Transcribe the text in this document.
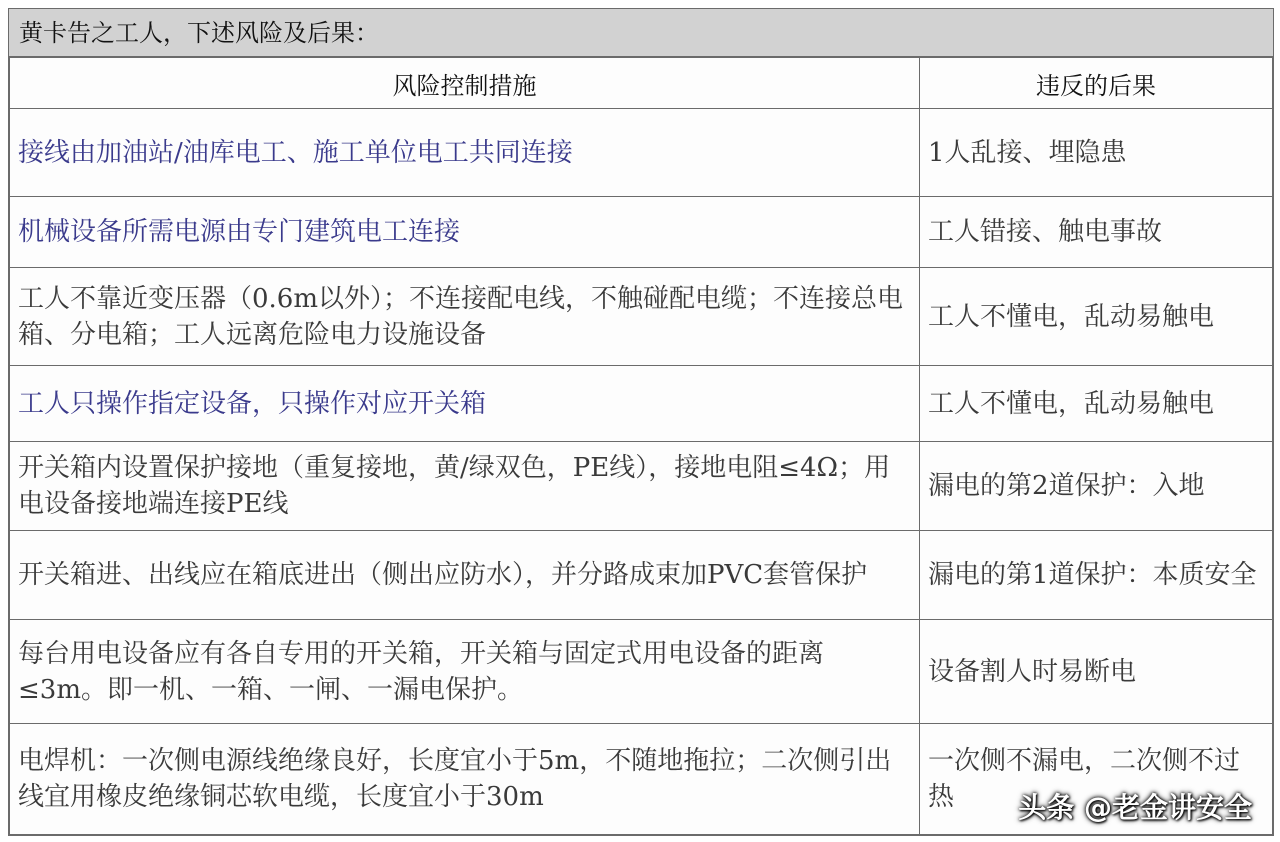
黄卡告之工人，下述风险及后果：
风险控制措施	违反的后果
接线由加油站/油库电工、施工单位电工共同连接	1人乱接、埋隐患
机械设备所需电源由专门建筑电工连接	工人错接、触电事故
工人不靠近变压器（0.6m以外）；不连接配电线，不触碰配电缆；不连接总电箱、分电箱；工人远离危险电力设施设备	工人不懂电，乱动易触电
工人只操作指定设备，只操作对应开关箱	工人不懂电，乱动易触电
开关箱内设置保护接地（重复接地，黄/绿双色，PE线），接地电阻≤4Ω；用电设备接地端连接PE线	漏电的第2道保护：入地
开关箱进、出线应在箱底进出（侧出应防水），并分路成束加PVC套管保护	漏电的第1道保护：本质安全
每台用电设备应有各自专用的开关箱，开关箱与固定式用电设备的距离≤3m。即一机、一箱、一闸、一漏电保护。	设备割人时易断电
电焊机：一次侧电源线绝缘良好，长度宜小于5m，不随地拖拉；二次侧引出线宜用橡皮绝缘铜芯软电缆，长度宜小于30m	一次侧不漏电，二次侧不过热 头条 @老金讲安全
